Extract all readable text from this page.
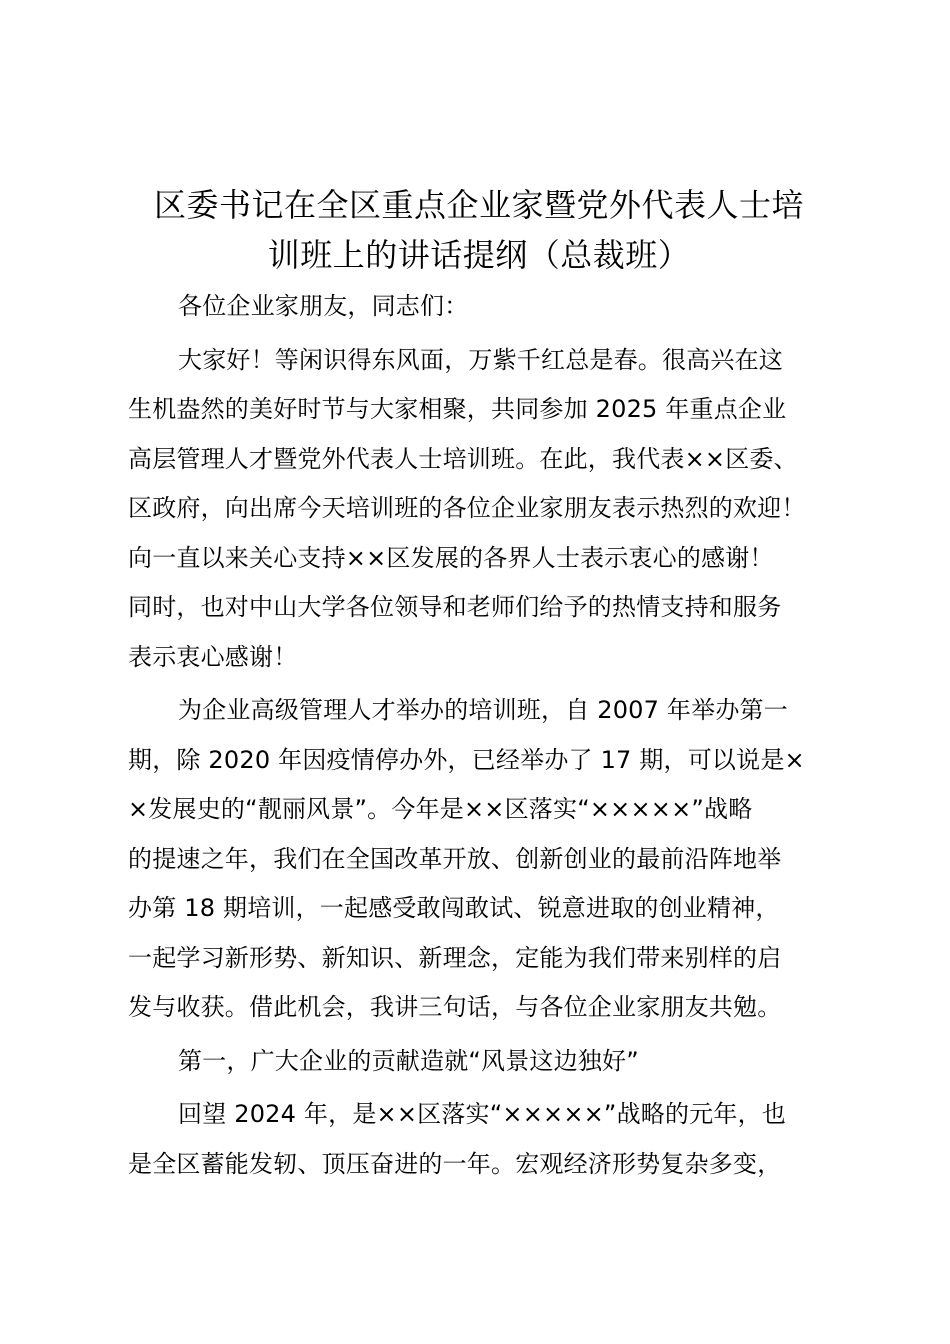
区委书记在全区重点企业家暨党外代表人士培
训班上的讲话提纲（总裁班）
各位企业家朋友，同志们：
大家好！等闲识得东风面，万紫千红总是春。很高兴在这
生机盎然的美好时节与大家相聚，共同参加 2025 年重点企业
高层管理人才暨党外代表人士培训班。在此，我代表××区委、
区政府，向出席今天培训班的各位企业家朋友表示热烈的欢迎！
向一直以来关心支持××区发展的各界人士表示衷心的感谢！
同时，也对中山大学各位领导和老师们给予的热情支持和服务
表示衷心感谢！
为企业高级管理人才举办的培训班，自 2007 年举办第一
期，除 2020 年因疫情停办外，已经举办了 17 期，可以说是×
×发展史的“靓丽风景”。今年是××区落实“×××××”战略
的提速之年，我们在全国改革开放、创新创业的最前沿阵地举
办第 18 期培训，一起感受敢闯敢试、锐意进取的创业精神，
一起学习新形势、新知识、新理念，定能为我们带来别样的启
发与收获。借此机会，我讲三句话，与各位企业家朋友共勉。
第一，广大企业的贡献造就“风景这边独好”
回望 2024 年，是××区落实“×××××”战略的元年，也
是全区蓄能发轫、顶压奋进的一年。宏观经济形势复杂多变，
